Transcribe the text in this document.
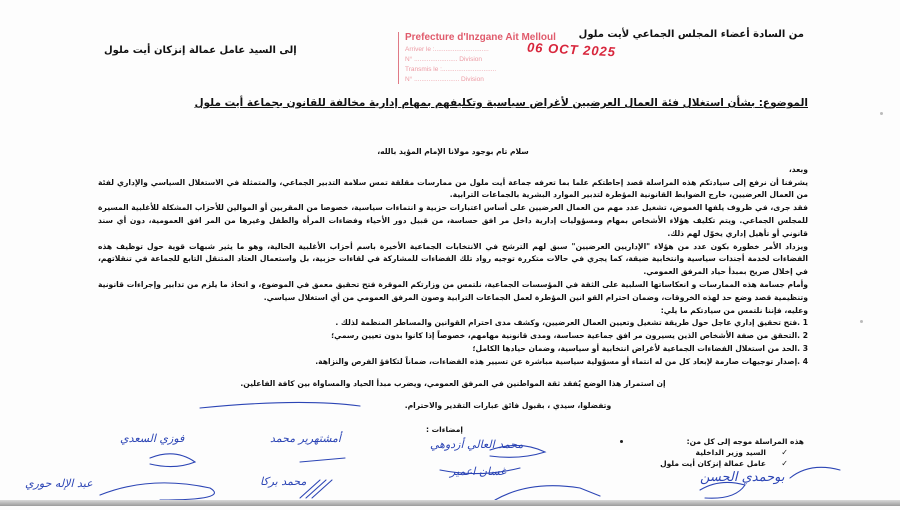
من السادة أعضاء المجلس الجماعي لأيت ملول
إلى السيد عامل عمالة إنزكان أيت ملول
Prefecture d'Inzgane Ait Melloul
Arriver le :..............................
N° ........................ Division
Transmis le :..............................
N° ......................... Division
06 OCT 2025
الموضوع: بشأن استغلال فئة العمال العرضيين لأغراض سياسية وتكليفهم بمهام إدارية مخالفة للقانون بجماعة أيت ملول

سلام تام بوجود مولانا الإمام المؤيد بالله،

وبعد،

يشرفنا أن نرفع إلى سيادتكم هذه المراسلة قصد إحاطتكم علما بما تعرفه جماعة أيت ملول من ممارسات مقلقة تمس سلامة التدبير الجماعي، والمتمثلة في الاستغلال السياسي والإداري لفئة من العمال العرضيين، خارج الضوابط القانونية المؤطرة لتدبير الموارد البشرية بالجماعات الترابية.

فقد جرى، في ظروف يلفها الغموض، تشغيل عدد مهم من العمال العرضيين على أساس اعتبارات حزبية و انتماءات سياسية، خصوصا من المقربين أو الموالين للأحزاب المشكلة للأغلبية المسيرة للمجلس الجماعي. ويتم تكليف هؤلاء الأشخاص بمهام ومسؤوليات إدارية داخل مر افق حساسة، من قبيل دور الأحياء وفضاءات المرأة والطفل وغيرها من المر افق العمومية، دون أي سند قانوني أو تأهيل إداري يخوّل لهم ذلك.

ويزداد الأمر خطورة بكون عدد من هؤلاء "الإداريين العرضيين" سبق لهم الترشح في الانتخابات الجماعية الأخيرة باسم أحزاب الأغلبية الحالية، وهو ما يثير شبهات قوية حول توظيف هذه الفضاءات لخدمة أجندات سياسية وانتخابية ضيقة، كما يجري في حالات متكررة توجيه رواد تلك الفضاءات للمشاركة في لقاءات حزبية، بل واستعمال العتاد المتنقل التابع للجماعة في تنقلاتهم، في إخلال صريح بمبدأ حياد المرفق العمومي.

وأمام جسامة هذه الممارسات و انعكاساتها السلبية على الثقة في المؤسسات الجماعية، نلتمس من وزارتكم الموقرة فتح تحقيق معمق في الموضوع، و اتخاذ ما يلزم من تدابير وإجراءات قانونية وتنظيمية قصد وضع حد لهذه الخروقات، وضمان احترام القو انين المؤطرة لعمل الجماعات الترابية وصون المرفق العمومي من أي استغلال سياسي.

وعليه، فإننا نلتمس من سيادتكم ما يلي:

1 .فتح تحقيق إداري عاجل حول طريقة تشغيل وتعيين العمال العرضيين، وكشف مدى احترام القوانين والمساطر المنظمة لذلك .

2 .التحقق من صفة الأشخاص الذين يسيرون مر افق جماعية حساسة، ومدى قانونية مهامهم، خصوصاً إذا كانوا بدون تعيين رسمي؛

3 .الحد من استغلال الفضاءات الجماعية لأغراض انتخابية أو سياسية، وضمان حيادها الكامل؛

4 .إصدار توجيهات صارمة لإبعاد كل من له انتماء أو مسؤولية سياسية مباشرة عن تسيير هذه الفضاءات، ضماناً لتكافؤ الفرص والنزاهة.

إن استمرار هذا الوضع يُفقد ثقة المواطنين في المرفق العمومي، ويضرب مبدأ الحياد والمساواة بين كافة الفاعلين.

وتفضلوا، سيدي ، بقبول فائق عبارات التقدير والاحترام.

إمضاءات :
هذه المراسلة موجه إلى كل من:
✓
السيد وزير الداخلية
✓
عامل عمالة إنزكان أيت ملول
فوزي السعدي	أمشتهرير محمد	محمد العالي أزدوهي
غسان اعمير
عبد الإله حوري	محمد بركا	بوحمدي الحسن
